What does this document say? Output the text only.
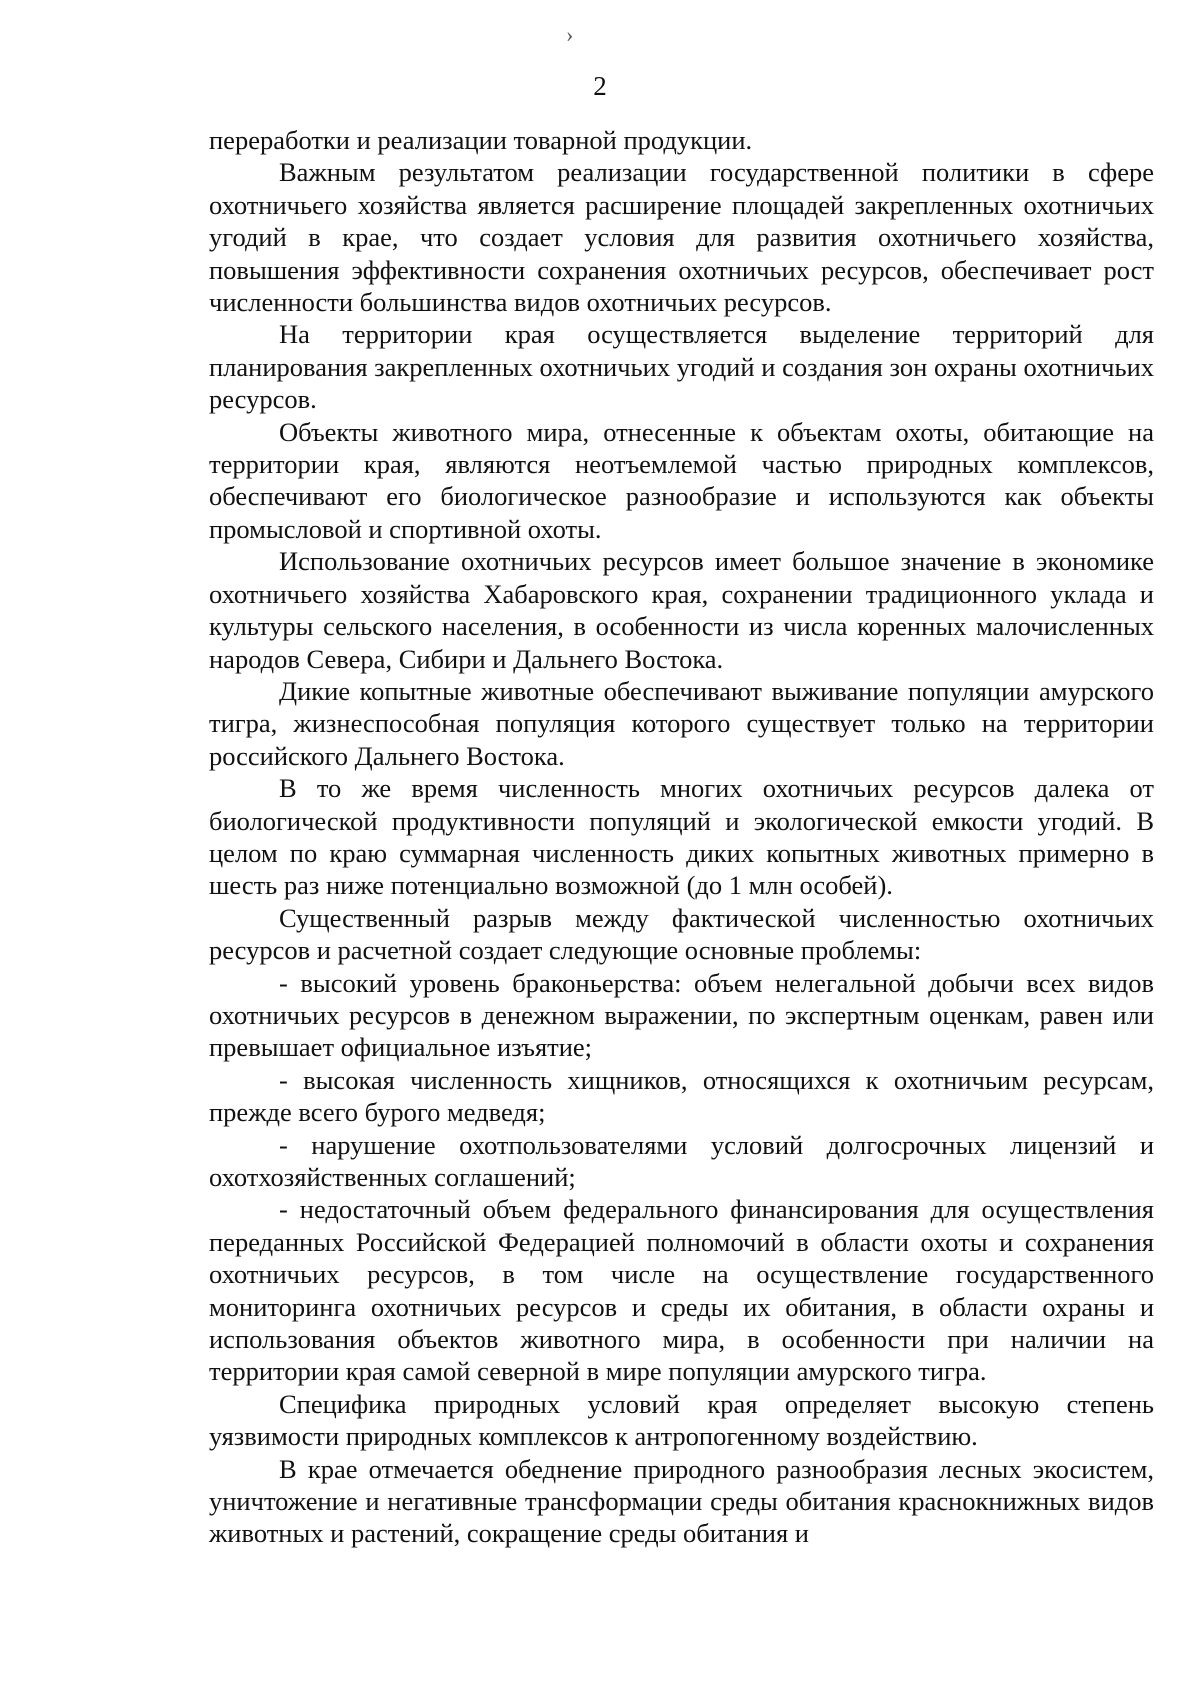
›
2

переработки и реализации товарной продукции.

Важным результатом реализации государственной политики в сфере охотничьего хозяйства является расширение площадей закрепленных охотничьих угодий в крае, что создает условия для развития охотничьего хозяйства, повышения эффективности сохранения охотничьих ресурсов, обеспечивает рост численности большинства видов охотничьих ресурсов.

На территории края осуществляется выделение территорий для планирования закрепленных охотничьих угодий и создания зон охраны охотничьих ресурсов.

Объекты животного мира, отнесенные к объектам охоты, обитающие на территории края, являются неотъемлемой частью природных комплексов, обеспечивают его биологическое разнообразие и используются как объекты промысловой и спортивной охоты.

Использование охотничьих ресурсов имеет большое значение в экономике охотничьего хозяйства Хабаровского края, сохранении традиционного уклада и культуры сельского населения, в особенности из числа коренных малочисленных народов Севера, Сибири и Дальнего Востока.

Дикие копытные животные обеспечивают выживание популяции амурского тигра, жизнеспособная популяция которого существует только на территории российского Дальнего Востока.

В то же время численность многих охотничьих ресурсов далека от биологической продуктивности популяций и экологической емкости угодий. В целом по краю суммарная численность диких копытных животных примерно в шесть раз ниже потенциально возможной (до 1 млн особей).

Существенный разрыв между фактической численностью охотничьих ресурсов и расчетной создает следующие основные проблемы:

- высокий уровень браконьерства: объем нелегальной добычи всех видов охотничьих ресурсов в денежном выражении, по экспертным оценкам, равен или превышает официальное изъятие;

- высокая численность хищников, относящихся к охотничьим ресурсам, прежде всего бурого медведя;

- нарушение охотпользователями условий долгосрочных лицензий и охотхозяйственных соглашений;

- недостаточный объем федерального финансирования для осуществления переданных Российской Федерацией полномочий в области охоты и сохранения охотничьих ресурсов, в том числе на осуществление государственного мониторинга охотничьих ресурсов и среды их обитания, в области охраны и использования объектов животного мира, в особенности при наличии на территории края самой северной в мире популяции амурского тигра.

Специфика природных условий края определяет высокую степень уязвимости природных комплексов к антропогенному воздействию.

В крае отмечается обеднение природного разнообразия лесных экосистем, уничтожение и негативные трансформации среды обитания краснокнижных видов животных и растений, сокращение среды обитания и
